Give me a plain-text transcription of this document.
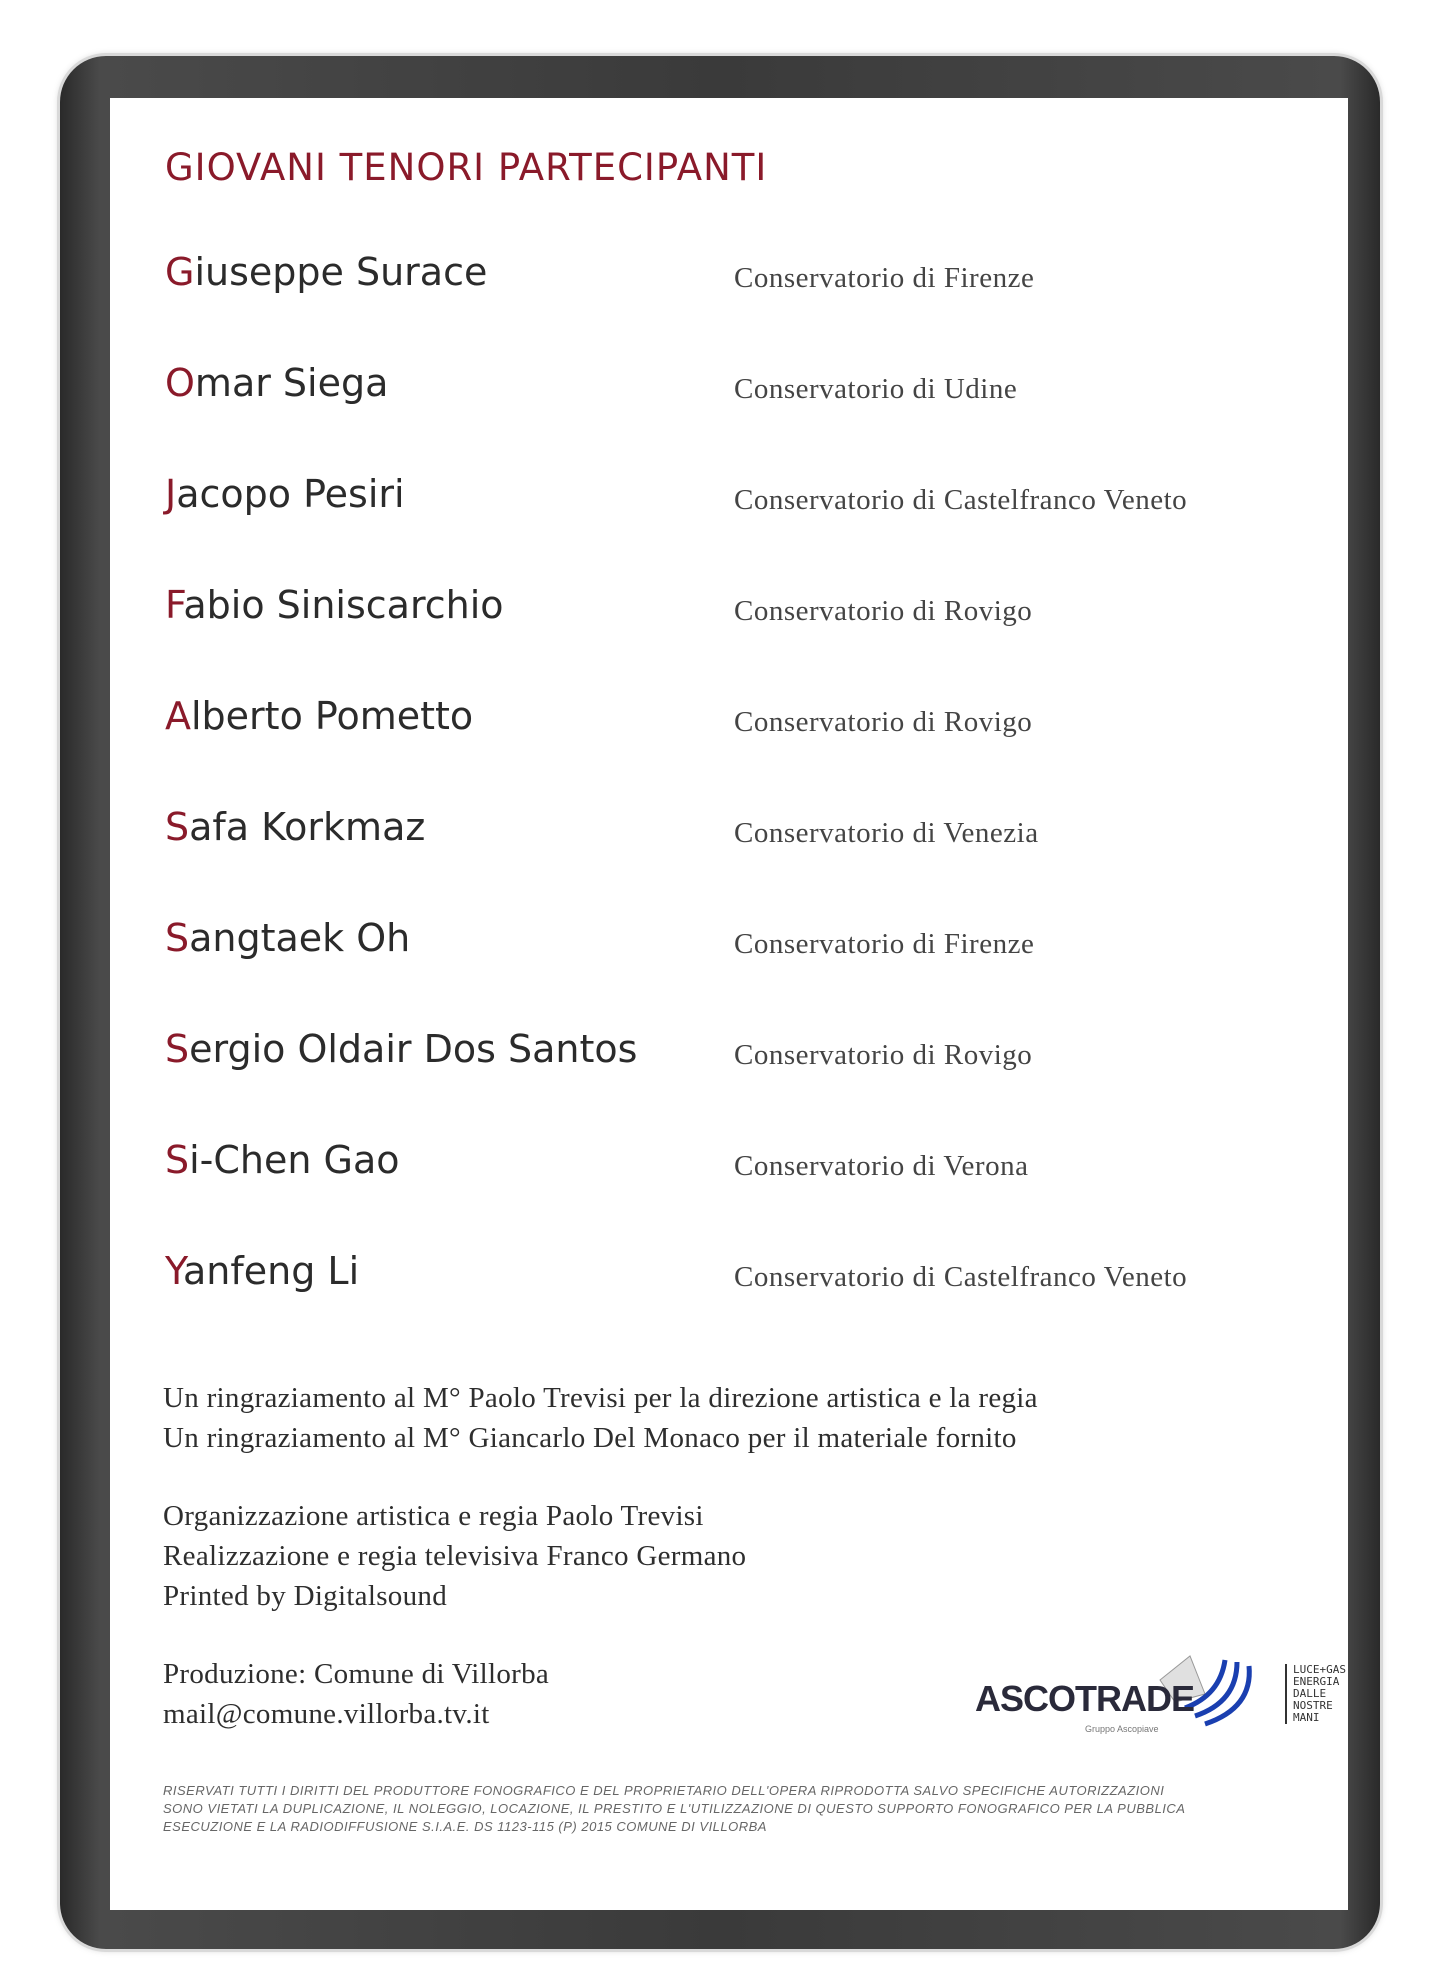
GIOVANI TENORI PARTECIPANTI
Giuseppe Surace	Conservatorio di Firenze
Omar Siega	Conservatorio di Udine
Jacopo Pesiri	Conservatorio di Castelfranco Veneto
Fabio Siniscarchio	Conservatorio di Rovigo
Alberto Pometto	Conservatorio di Rovigo
Safa Korkmaz	Conservatorio di Venezia
Sangtaek Oh	Conservatorio di Firenze
Sergio Oldair Dos Santos	Conservatorio di Rovigo
Si-Chen Gao	Conservatorio di Verona
Yanfeng Li	Conservatorio di Castelfranco Veneto
Un ringraziamento al M° Paolo Trevisi per la direzione artistica e la regia
Un ringraziamento al M° Giancarlo Del Monaco per il materiale fornito
Organizzazione artistica e regia Paolo Trevisi
Realizzazione e regia televisiva Franco Germano
Printed by Digitalsound
Produzione: Comune di Villorba
mail@comune.villorba.tv.it	ASCOTRADE
Gruppo Ascopiave
LUCE+GAS
ENERGIA
DALLE
NOSTRE
MANI
RISERVATI TUTTI I DIRITTI DEL PRODUTTORE FONOGRAFICO E DEL PROPRIETARIO DELL'OPERA RIPRODOTTA SALVO SPECIFICHE AUTORIZZAZIONI
SONO VIETATI LA DUPLICAZIONE, IL NOLEGGIO, LOCAZIONE, IL PRESTITO E L'UTILIZZAZIONE DI QUESTO SUPPORTO FONOGRAFICO PER LA PUBBLICA
ESECUZIONE E LA RADIODIFFUSIONE S.I.A.E. DS 1123-115 (P) 2015 COMUNE DI VILLORBA
